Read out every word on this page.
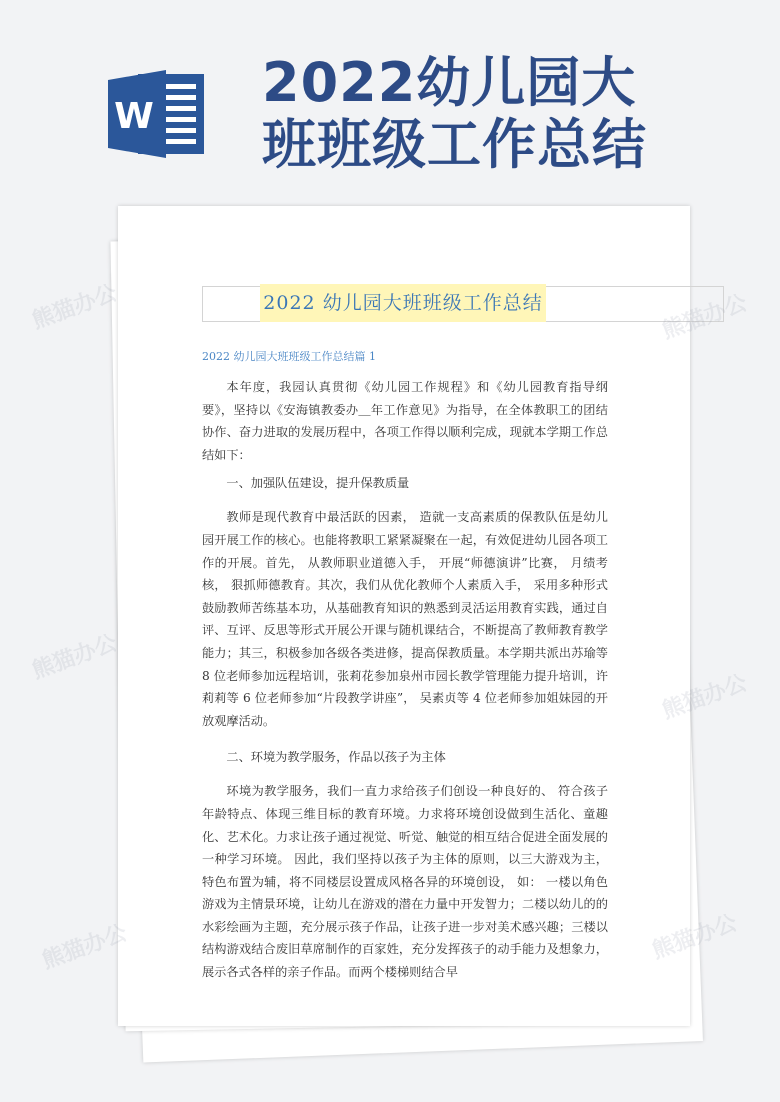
W
2022幼儿园大
班班级工作总结
2022 幼儿园大班班级工作总结
2022 幼儿园大班班级工作总结篇 1

本年度，我园认真贯彻《幼儿园工作规程》和《幼儿园教育指导纲要》，坚持以《安海镇教委办＿年工作意见》为指导，在全体教职工的团结协作、奋力进取的发展历程中，各项工作得以顺利完成，现就本学期工作总结如下：

一、加强队伍建设，提升保教质量

教师是现代教育中最活跃的因素， 造就一支高素质的保教队伍是幼儿园开展工作的核心。也能将教职工紧紧凝聚在一起，有效促进幼儿园各项工作的开展。首先， 从教师职业道德入手， 开展“师德演讲”比赛， 月绩考核， 狠抓师德教育。其次，我们从优化教师个人素质入手， 采用多种形式鼓励教师苦练基本功，从基础教育知识的熟悉到灵活运用教育实践，通过自评、互评、反思等形式开展公开课与随机课结合，不断提高了教师教育教学能力；其三，积极参加各级各类进修，提高保教质量。本学期共派出苏瑜等 8 位老师参加远程培训，张莉花参加泉州市园长教学管理能力提升培训，许莉莉等 6 位老师参加“片段教学讲座”， 吴素贞等 4 位老师参加姐妹园的开放观摩活动。

二、环境为教学服务，作品以孩子为主体

环境为教学服务，我们一直力求给孩子们创设一种良好的、 符合孩子年龄特点、体现三维目标的教育环境。力求将环境创设做到生活化、童趣化、艺术化。力求让孩子通过视觉、听觉、触觉的相互结合促进全面发展的一种学习环境。 因此，我们坚持以孩子为主体的原则，以三大游戏为主，特色布置为辅，将不同楼层设置成风格各异的环境创设， 如： 一楼以角色游戏为主情景环境，让幼儿在游戏的潜在力量中开发智力；二楼以幼儿的的水彩绘画为主题，充分展示孩子作品，让孩子进一步对美术感兴趣；三楼以结构游戏结合废旧草席制作的百家姓，充分发挥孩子的动手能力及想象力， 展示各式各样的亲子作品。而两个楼梯则结合早

熊猫办公	熊猫办公
熊猫办公
熊猫办公
熊猫办公
